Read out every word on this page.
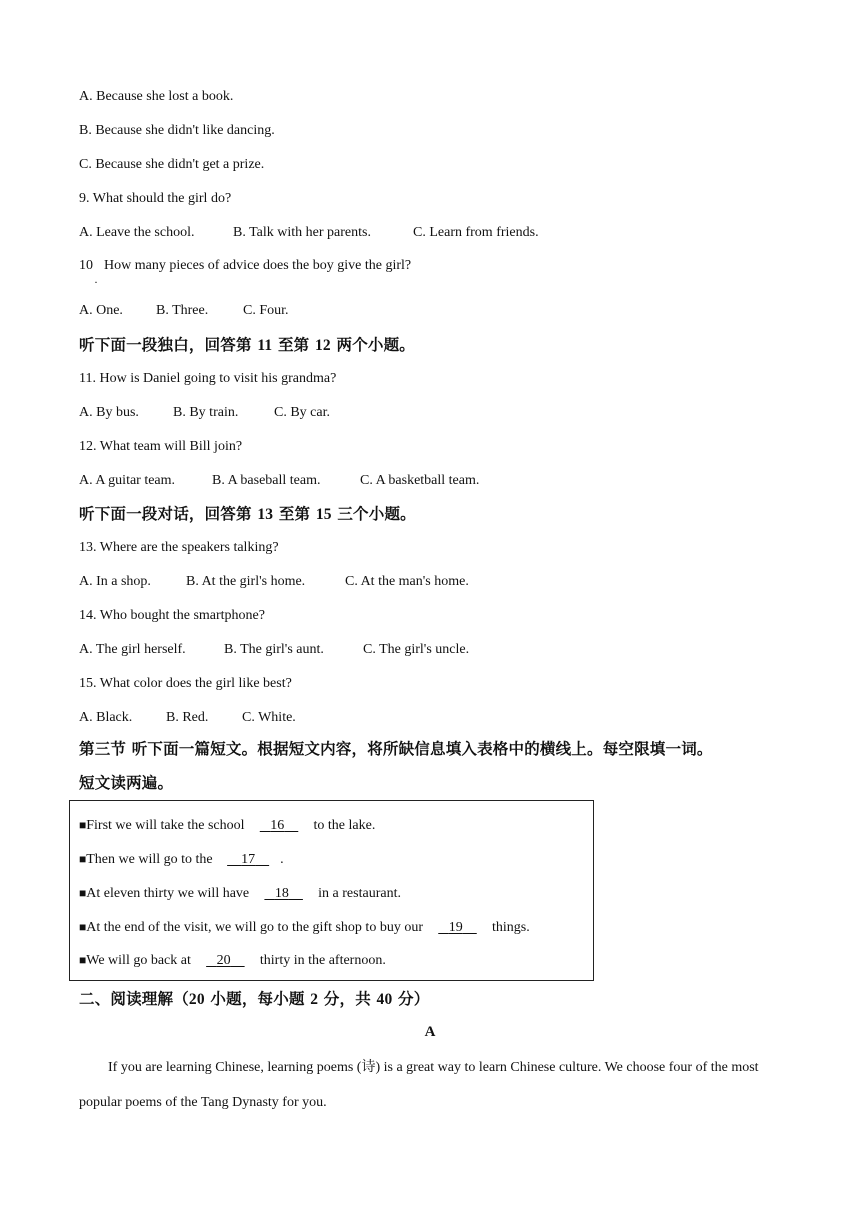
A. Because she lost a book.
B. Because she didn't like dancing.
C. Because she didn't get a prize.
9. What should the girl do?
A. Leave the school.	B. Talk with her parents.	C. Learn from friends.
10 How many pieces of advice does the boy give the girl?
·
A. One. B. Three. C. Four.
听下面一段独白，回答第 11 至第 12 两个小题。
11. How is Daniel going to visit his grandma?
A. By bus. B. By train.	C. By car.
12. What team will Bill join?
A. A guitar team.	B. A baseball team.	C. A basketball team.
听下面一段对话，回答第 13 至第 15 三个小题。
13. Where are the speakers talking?
A. In a shop.	B. At the girl's home.	C. At the man's home.
14. Who bought the smartphone?
A. The girl herself.	B. The girl's aunt.	C. The girl's uncle.
15. What color does the girl like best?
A. Black. B. Red. C. White.
第三节 听下面一篇短文。根据短文内容，将所缺信息填入表格中的横线上。每空限填一词。
短文读两遍。
■First we will take the school    16     to the lake.
■Then we will go to the     17 .
■At eleven thirty we will have    18     in a restaurant.
■At the end of the visit, we will go to the gift shop to buy our    19     things.
■We will go back at    20     thirty in the afternoon.
二、阅读理解（20 小题，每小题 2 分，共 40 分）
A
If you are learning Chinese, learning poems (诗) is a great way to learn Chinese culture. We choose four of the most popular poems of the Tang Dynasty for you.
